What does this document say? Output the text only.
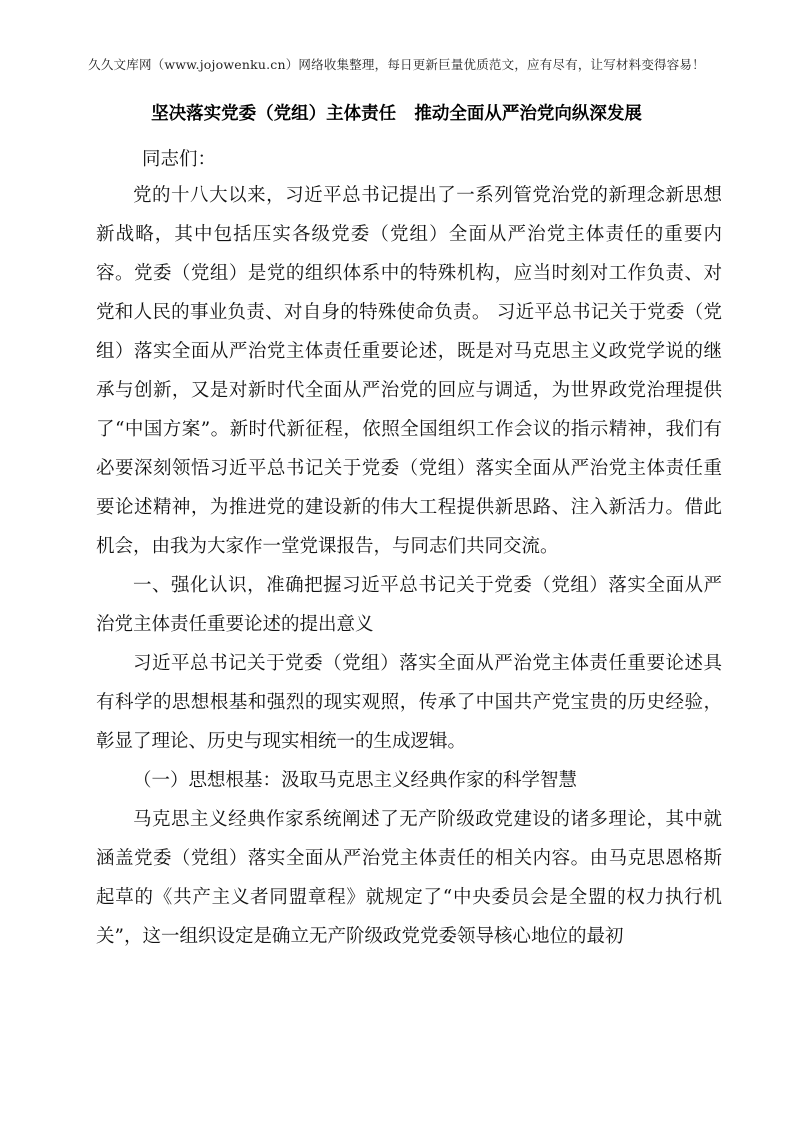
久久文库网（www.jojowenku.cn）网络收集整理，每日更新巨量优质范文，应有尽有，让写材料变得容易！
坚决落实党委（党组）主体责任   推动全面从严治党向纵深发展
同志们：

党的十八大以来，习近平总书记提出了一系列管党治党的新理念新思想新战略，其中包括压实各级党委（党组）全面从严治党主体责任的重要内容。党委（党组）是党的组织体系中的特殊机构，应当时刻对工作负责、对党和人民的事业负责、对自身的特殊使命负责。 习近平总书记关于党委（党组）落实全面从严治党主体责任重要论述，既是对马克思主义政党学说的继承与创新，又是对新时代全面从严治党的回应与调适，为世界政党治理提供了“中国方案”。新时代新征程，依照全国组织工作会议的指示精神，我们有必要深刻领悟习近平总书记关于党委（党组）落实全面从严治党主体责任重要论述精神，为推进党的建设新的伟大工程提供新思路、注入新活力。借此机会，由我为大家作一堂党课报告，与同志们共同交流。

一、强化认识，准确把握习近平总书记关于党委（党组）落实全面从严治党主体责任重要论述的提出意义

习近平总书记关于党委（党组）落实全面从严治党主体责任重要论述具有科学的思想根基和强烈的现实观照，传承了中国共产党宝贵的历史经验，彰显了理论、历史与现实相统一的生成逻辑。

（一）思想根基：汲取马克思主义经典作家的科学智慧

马克思主义经典作家系统阐述了无产阶级政党建设的诸多理论，其中就涵盖党委（党组）落实全面从严治党主体责任的相关内容。由马克思恩格斯起草的《共产主义者同盟章程》就规定了“中央委员会是全盟的权力执行机关”，这一组织设定是确立无产阶级政党党委领导核心地位的最初
